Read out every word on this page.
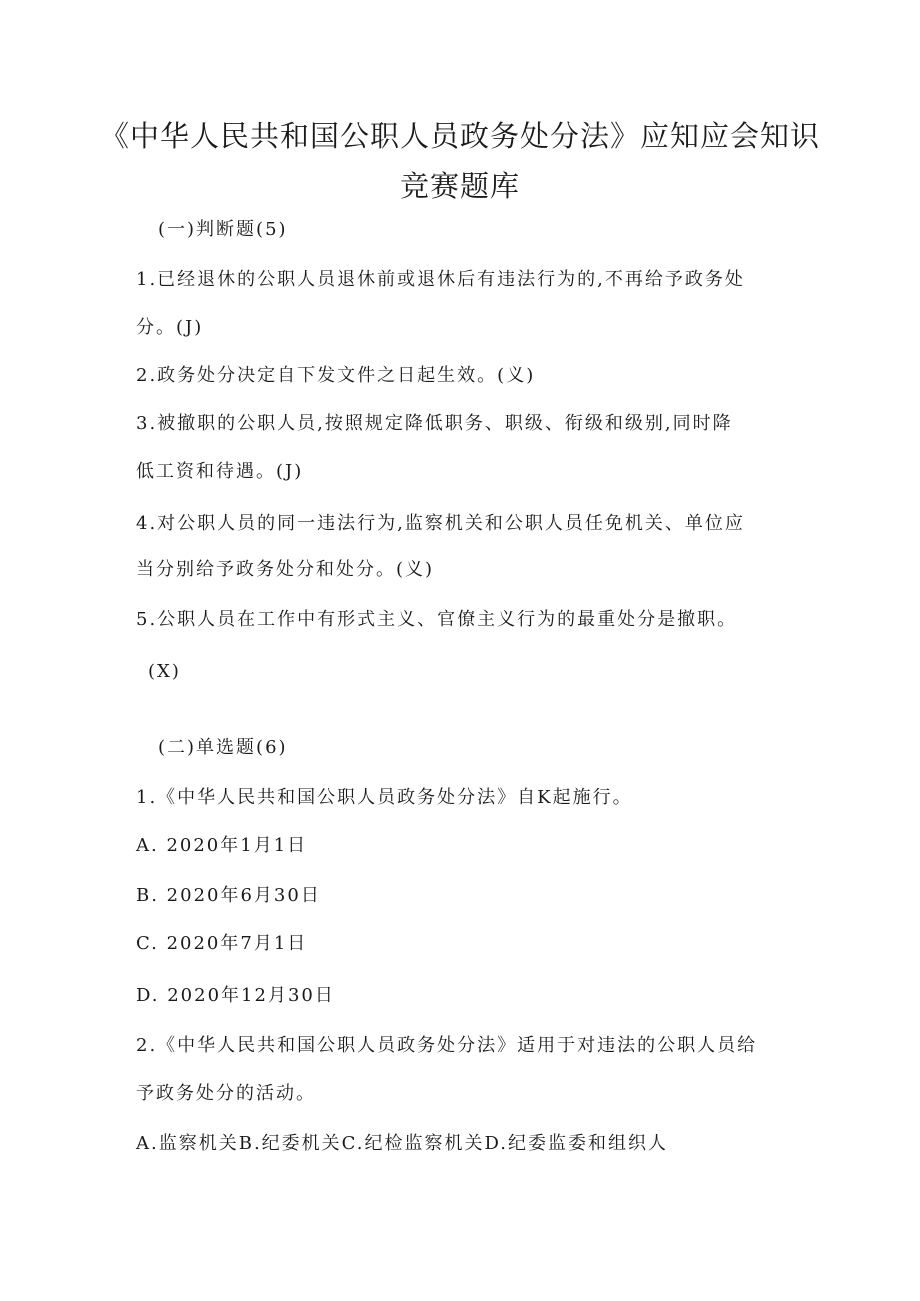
《中华人民共和国公职人员政务处分法》应知应会知识
竞赛题库
(一)判断题(5)
1.已经退休的公职人员退休前或退休后有违法行为的,不再给予政务处
分。(J)
2.政务处分决定自下发文件之日起生效。(义)
3.被撤职的公职人员,按照规定降低职务、职级、衔级和级别,同时降
低工资和待遇。(J)
4.对公职人员的同一违法行为,监察机关和公职人员任免机关、单位应
当分别给予政务处分和处分。(义)
5.公职人员在工作中有形式主义、官僚主义行为的最重处分是撤职。
(X)
(二)单选题(6)
1.《中华人民共和国公职人员政务处分法》自K起施行。
A. 2020年1月1日
B. 2020年6月30日
C. 2020年7月1日
D. 2020年12月30日
2.《中华人民共和国公职人员政务处分法》适用于对违法的公职人员给
予政务处分的活动。
A.监察机关B.纪委机关C.纪检监察机关D.纪委监委和组织人
